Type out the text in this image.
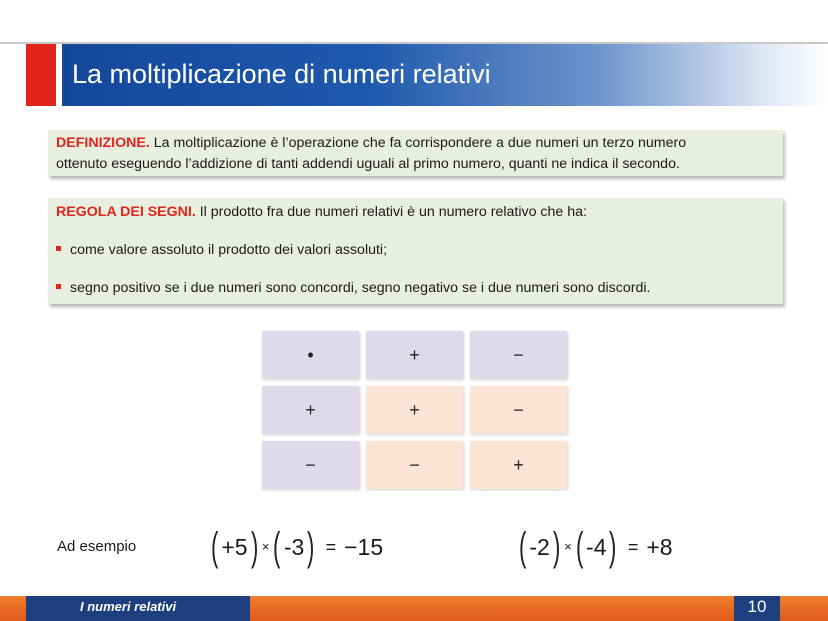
La moltiplicazione di numeri relativi
DEFINIZIONE. La moltiplicazione è l’operazione che fa corrispondere a due numeri un terzo numero
ottenuto eseguendo l’addizione di tanti addendi uguali al primo numero, quanti ne indica il secondo.
REGOLA DEI SEGNI. Il prodotto fra due numeri relativi è un numero relativo che ha:
come valore assoluto il prodotto dei valori assoluti;
segno positivo se i due numeri sono concordi, segno negativo se i due numeri sono discordi.
•	+	−
+	+	−
−	−	+
Ad esempio ( +5 ) × ( -3 ) = −15	( -2 ) × ( -4 ) = +8
I numeri relativi	10
